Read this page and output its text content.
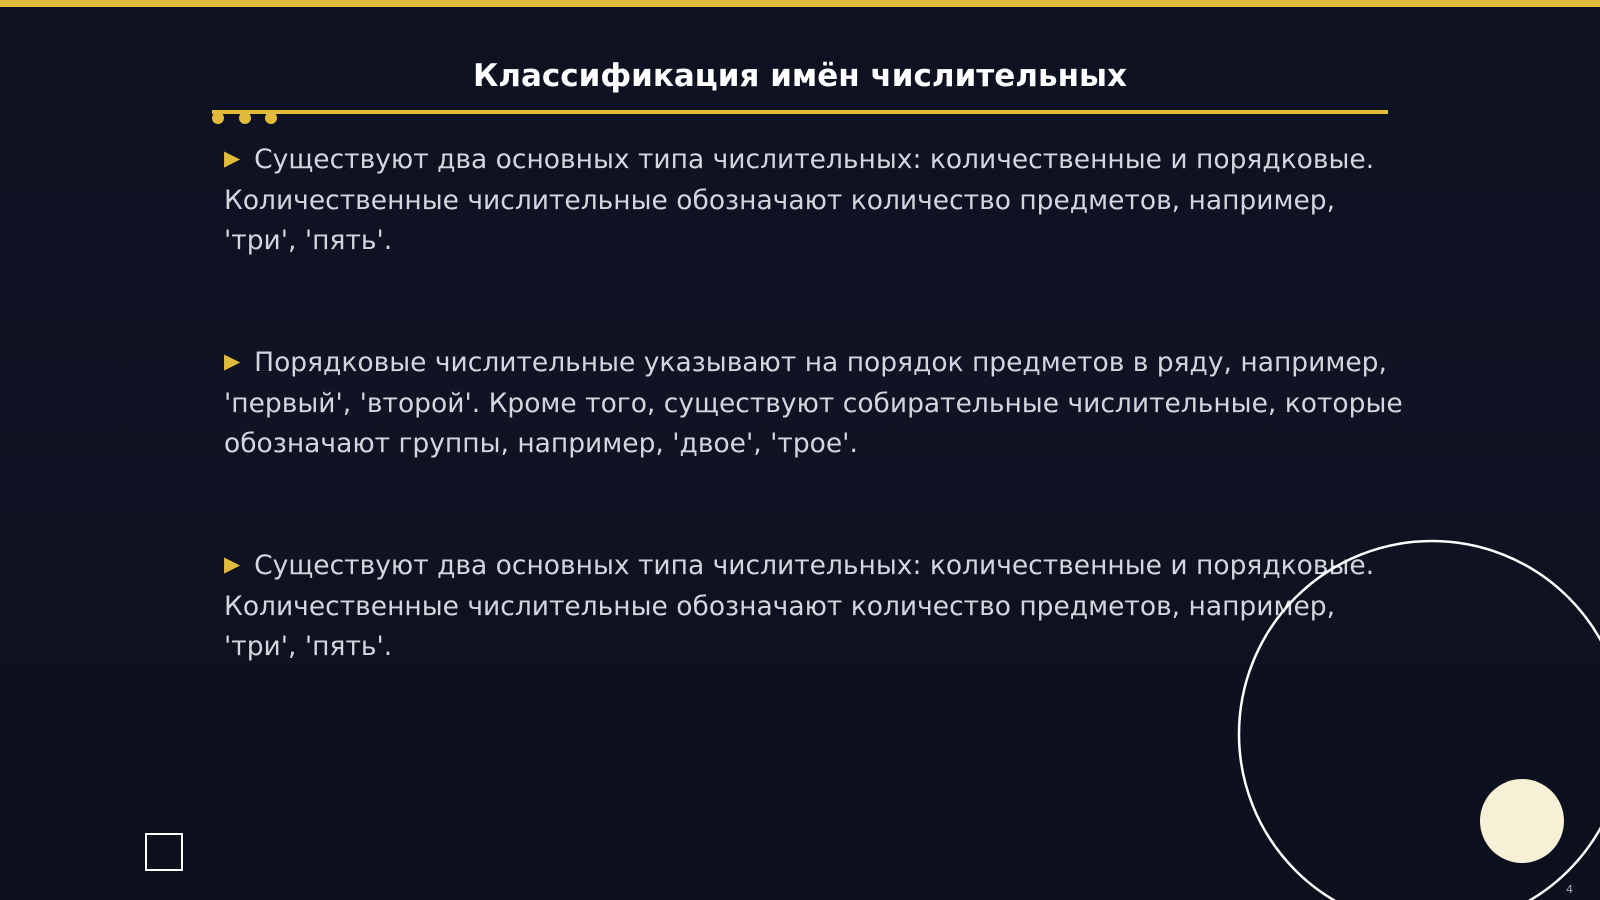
Классификация имён числительных

▶ Существуют два основных типа числительных: количественные и порядковые. Количественные числительные обозначают количество предметов, например, 'три', 'пять'.

▶ Порядковые числительные указывают на порядок предметов в ряду, например, 'первый', 'второй'. Кроме того, существуют собирательные числительные, которые обозначают группы, например, 'двое', 'трое'.

▶ Существуют два основных типа числительных: количественные и порядковые. Количественные числительные обозначают количество предметов, например, 'три', 'пять'.

4
